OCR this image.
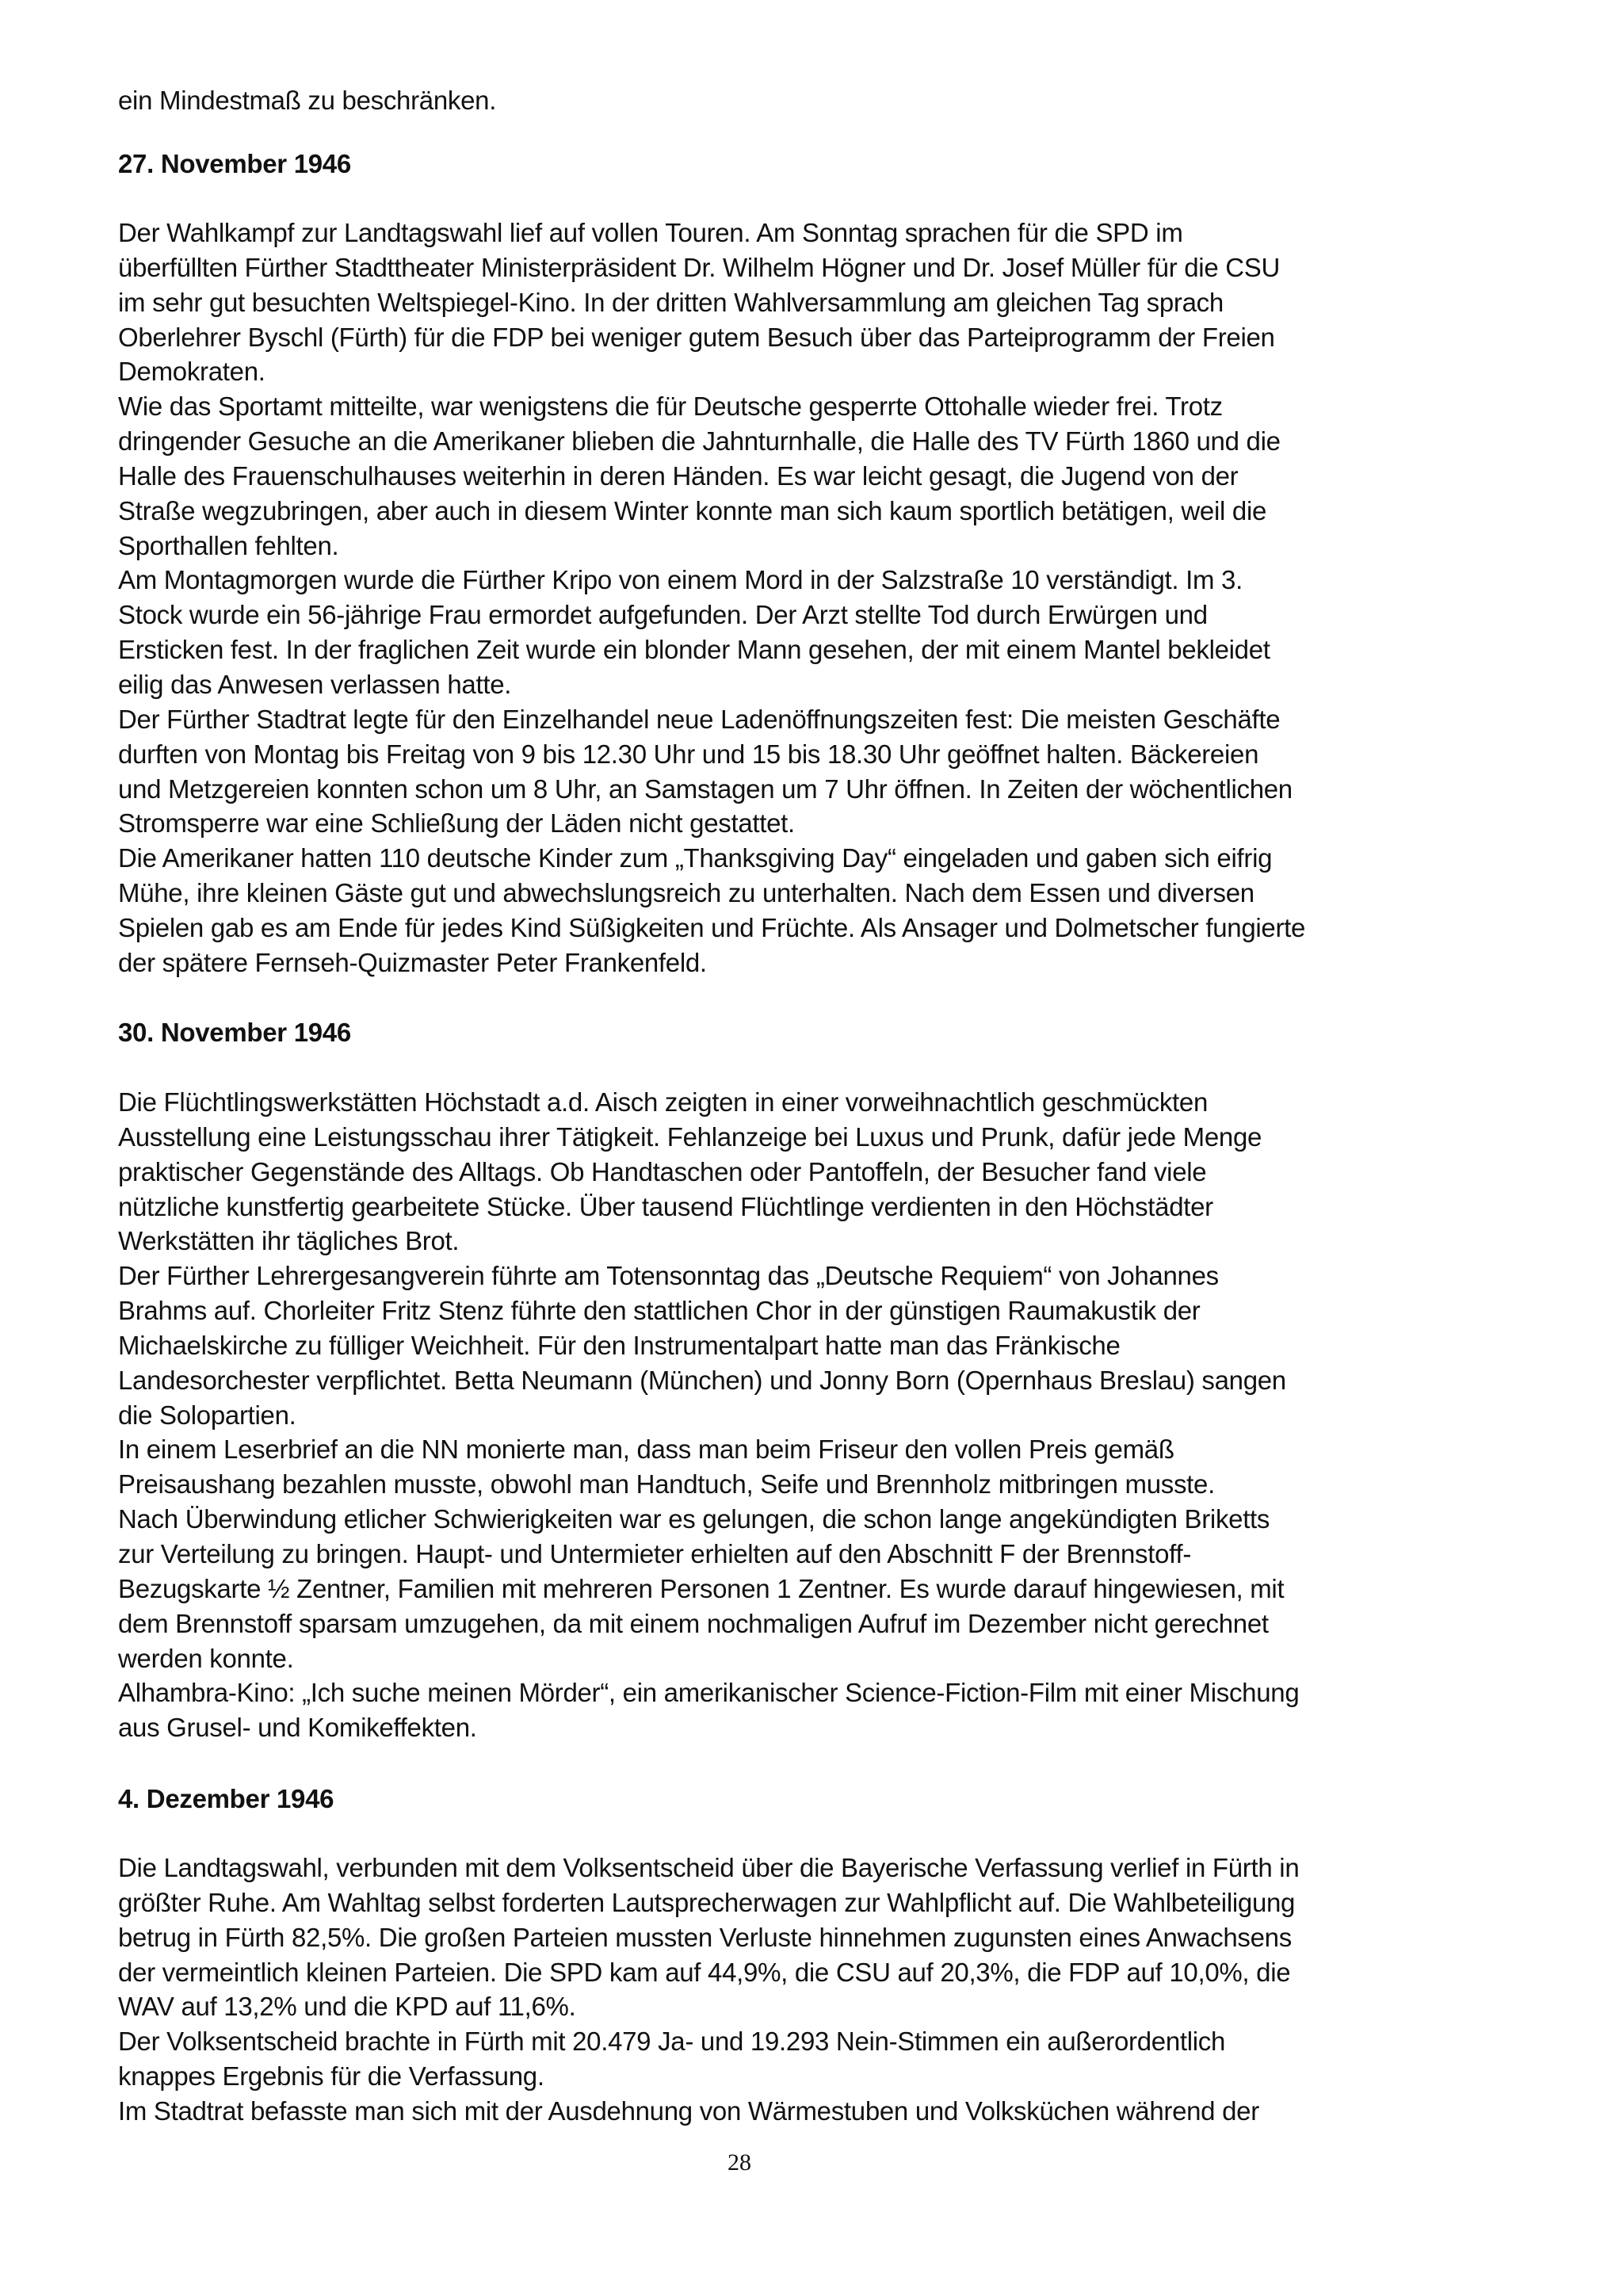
ein Mindestmaß zu beschränken.
27. November 1946
Der Wahlkampf zur Landtagswahl lief auf vollen Touren. Am Sonntag sprachen für die SPD im
überfüllten Fürther Stadttheater Ministerpräsident Dr. Wilhelm Högner und Dr. Josef Müller für die CSU
im sehr gut besuchten Weltspiegel-Kino. In der dritten Wahlversammlung am gleichen Tag sprach
Oberlehrer Byschl (Fürth) für die FDP bei weniger gutem Besuch über das Parteiprogramm der Freien
Demokraten.
Wie das Sportamt mitteilte, war wenigstens die für Deutsche gesperrte Ottohalle wieder frei. Trotz
dringender Gesuche an die Amerikaner blieben die Jahnturnhalle, die Halle des TV Fürth 1860 und die
Halle des Frauenschulhauses weiterhin in deren Händen. Es war leicht gesagt, die Jugend von der
Straße wegzubringen, aber auch in diesem Winter konnte man sich kaum sportlich betätigen, weil die
Sporthallen fehlten.
Am Montagmorgen wurde die Fürther Kripo von einem Mord in der Salzstraße 10 verständigt. Im 3.
Stock wurde ein 56-jährige Frau ermordet aufgefunden. Der Arzt stellte Tod durch Erwürgen und
Ersticken fest. In der fraglichen Zeit wurde ein blonder Mann gesehen, der mit einem Mantel bekleidet
eilig das Anwesen verlassen hatte.
Der Fürther Stadtrat legte für den Einzelhandel neue Ladenöffnungszeiten fest: Die meisten Geschäfte
durften von Montag bis Freitag von 9 bis 12.30 Uhr und 15 bis 18.30 Uhr geöffnet halten. Bäckereien
und Metzgereien konnten schon um 8 Uhr, an Samstagen um 7 Uhr öffnen. In Zeiten der wöchentlichen
Stromsperre war eine Schließung der Läden nicht gestattet.
Die Amerikaner hatten 110 deutsche Kinder zum „Thanksgiving Day“ eingeladen und gaben sich eifrig
Mühe, ihre kleinen Gäste gut und abwechslungsreich zu unterhalten. Nach dem Essen und diversen
Spielen gab es am Ende für jedes Kind Süßigkeiten und Früchte. Als Ansager und Dolmetscher fungierte
der spätere Fernseh-Quizmaster Peter Frankenfeld.
30. November 1946
Die Flüchtlingswerkstätten Höchstadt a.d. Aisch zeigten in einer vorweihnachtlich geschmückten
Ausstellung eine Leistungsschau ihrer Tätigkeit. Fehlanzeige bei Luxus und Prunk, dafür jede Menge
praktischer Gegenstände des Alltags. Ob Handtaschen oder Pantoffeln, der Besucher fand viele
nützliche kunstfertig gearbeitete Stücke. Über tausend Flüchtlinge verdienten in den Höchstädter
Werkstätten ihr tägliches Brot.
Der Fürther Lehrergesangverein führte am Totensonntag das „Deutsche Requiem“ von Johannes
Brahms auf. Chorleiter Fritz Stenz führte den stattlichen Chor in der günstigen Raumakustik der
Michaelskirche zu fülliger Weichheit. Für den Instrumentalpart hatte man das Fränkische
Landesorchester verpflichtet. Betta Neumann (München) und Jonny Born (Opernhaus Breslau) sangen
die Solopartien.
In einem Leserbrief an die NN monierte man, dass man beim Friseur den vollen Preis gemäß
Preisaushang bezahlen musste, obwohl man Handtuch, Seife und Brennholz mitbringen musste.
Nach Überwindung etlicher Schwierigkeiten war es gelungen, die schon lange angekündigten Briketts
zur Verteilung zu bringen. Haupt- und Untermieter erhielten auf den Abschnitt F der Brennstoff-
Bezugskarte ½ Zentner, Familien mit mehreren Personen 1 Zentner. Es wurde darauf hingewiesen, mit
dem Brennstoff sparsam umzugehen, da mit einem nochmaligen Aufruf im Dezember nicht gerechnet
werden konnte.
Alhambra-Kino: „Ich suche meinen Mörder“, ein amerikanischer Science-Fiction-Film mit einer Mischung
aus Grusel- und Komikeffekten.
4. Dezember 1946
Die Landtagswahl, verbunden mit dem Volksentscheid über die Bayerische Verfassung verlief in Fürth in
größter Ruhe. Am Wahltag selbst forderten Lautsprecherwagen zur Wahlpflicht auf. Die Wahlbeteiligung
betrug in Fürth 82,5%. Die großen Parteien mussten Verluste hinnehmen zugunsten eines Anwachsens
der vermeintlich kleinen Parteien. Die SPD kam auf 44,9%, die CSU auf 20,3%, die FDP auf 10,0%, die
WAV auf 13,2% und die KPD auf 11,6%.
Der Volksentscheid brachte in Fürth mit 20.479 Ja- und 19.293 Nein-Stimmen ein außerordentlich
knappes Ergebnis für die Verfassung.
Im Stadtrat befasste man sich mit der Ausdehnung von Wärmestuben und Volksküchen während der
28
